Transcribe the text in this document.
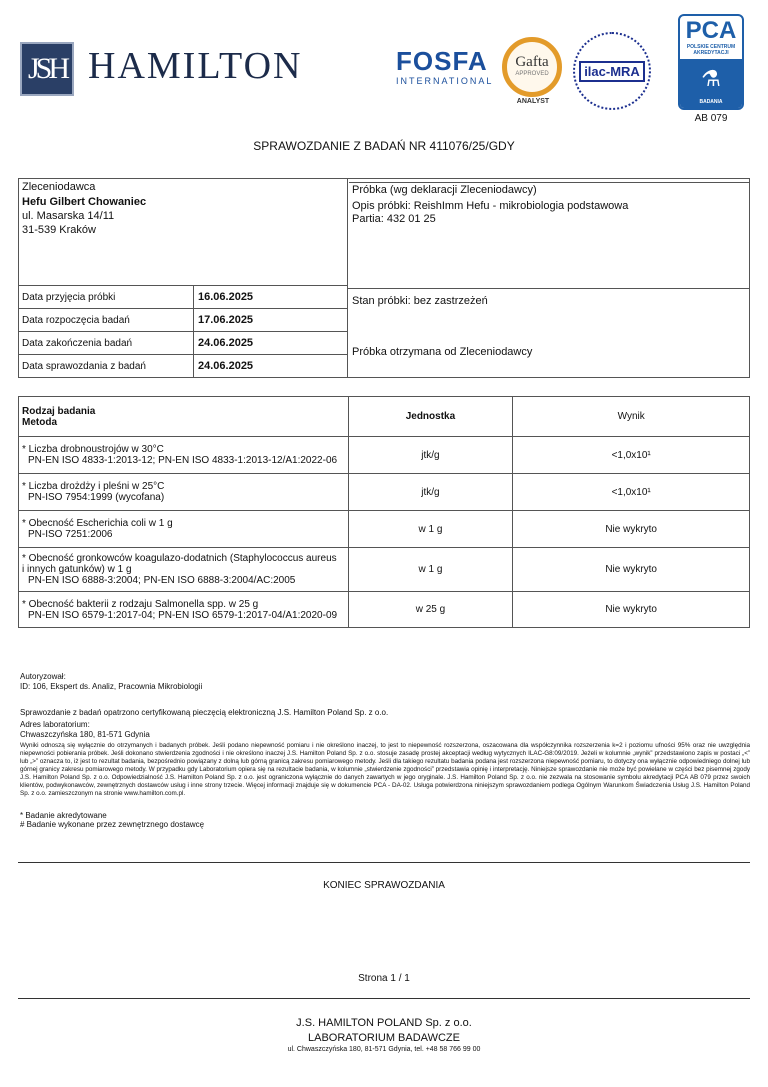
JSH HAMILTON	FOSFA
INTERNATIONAL
Gafta
APPROVED
ANALYST
ilac-MRA
PCA
POLSKIE CENTRUM AKREDYTACJI
⚗
BADANIA
AB 079
SPRAWOZDANIE Z BADAŃ NR 411076/25/GDY
Zleceniodawca
Hefu Gilbert Chowaniec
ul. Masarska 14/11
31-539 Kraków
Próbka (wg deklaracji Zleceniodawcy)
Opis próbki: ReishImm Hefu - mikrobiologia podstawowa
Partia: 432 01 25
Stan próbki: bez zastrzeżeń
Próbka otrzymana od Zleceniodawcy
Data przyjęcia próbki	16.06.2025
Data rozpoczęcia badań	17.06.2025
Data zakończenia badań	24.06.2025
Data sprawozdania z badań	24.06.2025
Rodzaj badania
Metoda	Jednostka	Wynik

* Liczba drobnoustrojów w 30°C
PN-EN ISO 4833-1:2013-12; PN-EN ISO 4833-1:2013-12/A1:2022-06	jtk/g	<1,0x10¹

* Liczba drożdży i pleśni w 25°C
PN-ISO 7954:1999 (wycofana)	jtk/g	<1,0x10¹

* Obecność Escherichia coli w 1 g
PN-ISO 7251:2006	w 1 g	Nie wykryto

* Obecność gronkowców koagulazo-dodatnich (Staphylococcus aureus
i innych gatunków) w 1 g
PN-EN ISO 6888-3:2004; PN-EN ISO 6888-3:2004/AC:2005	w 1 g	Nie wykryto

* Obecność bakterii z rodzaju Salmonella spp. w 25 g
PN-EN ISO 6579-1:2017-04; PN-EN ISO 6579-1:2017-04/A1:2020-09	w 25 g	Nie wykryto
Autoryzował:
ID: 106, Ekspert ds. Analiz, Pracownia Mikrobiologii
Sprawozdanie z badań opatrzono certyfikowaną pieczęcią elektroniczną J.S. Hamilton Poland Sp. z o.o.
Adres laboratorium:
Chwaszczyńska 180, 81-571 Gdynia
Wyniki odnoszą się wyłącznie do otrzymanych i badanych próbek. Jeśli podano niepewność pomiaru i nie określono inaczej, to jest to niepewność rozszerzona, oszacowana dla współczynnika rozszerzenia k=2 i poziomu ufności 95% oraz nie uwzględnia niepewności pobierania próbek. Jeśli dokonano stwierdzenia zgodności i nie określono inaczej J.S. Hamilton Poland Sp. z o.o. stosuje zasadę prostej akceptacji według wytycznych ILAC-G8:09/2019. Jeżeli w kolumnie „wynik” przedstawiono zapis w postaci „<” lub „>” oznacza to, iż jest to rezultat badania, bezpośrednio powiązany z dolną lub górną granicą zakresu pomiarowego metody. Jeśli dla takiego rezultatu badania podana jest rozszerzona niepewność pomiaru, to dotyczy ona wyłącznie odpowiedniego dolnej lub górnej granicy zakresu pomiarowego metody. W przypadku gdy Laboratorium opiera się na rezultacie badania, w kolumnie „stwierdzenie zgodności” przedstawia opinię i interpretację. Niniejsze sprawozdanie nie może być powielane w części bez pisemnej zgody J.S. Hamilton Poland Sp. z o.o. Odpowiedzialność J.S. Hamilton Poland Sp. z o.o. jest ograniczona wyłącznie do danych zawartych w jego oryginale. J.S. Hamilton Poland Sp. z o.o. nie zezwala na stosowanie symbolu akredytacji PCA AB 079 przez swoich klientów, podwykonawców, zewnętrznych dostawców usług i inne strony trzecie. Więcej informacji znajduje się w dokumencie PCA - DA-02. Usługa potwierdzona niniejszym sprawozdaniem podlega Ogólnym Warunkom Świadczenia Usług J.S. Hamilton Poland Sp. z o.o. zamieszczonym na stronie www.hamilton.com.pl.
* Badanie akredytowane
# Badanie wykonane przez zewnętrznego dostawcę
KONIEC SPRAWOZDANIA
Strona 1 / 1
J.S. HAMILTON POLAND Sp. z o.o.
LABORATORIUM BADAWCZE
ul. Chwaszczyńska 180, 81-571 Gdynia, tel. +48 58 766 99 00
